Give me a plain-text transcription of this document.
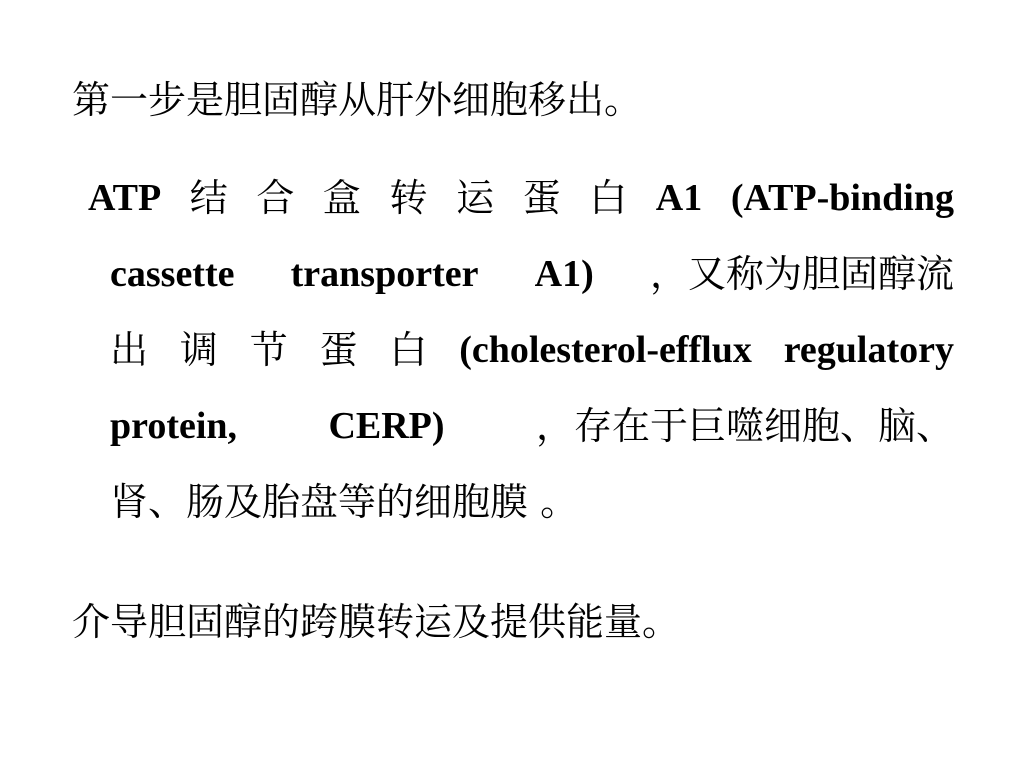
第一步是胆固醇从肝外细胞移出。
ATP 结 合 盒 转 运 蛋 白 A1 (ATP-binding
cassette transporter A1) ，又称为胆固醇流
出 调 节 蛋 白 (cholesterol-efflux regulatory
protein, CERP) ，存在于巨噬细胞、脑、
肾、肠及胎盘等的细胞膜 。
介导胆固醇的跨膜转运及提供能量。
